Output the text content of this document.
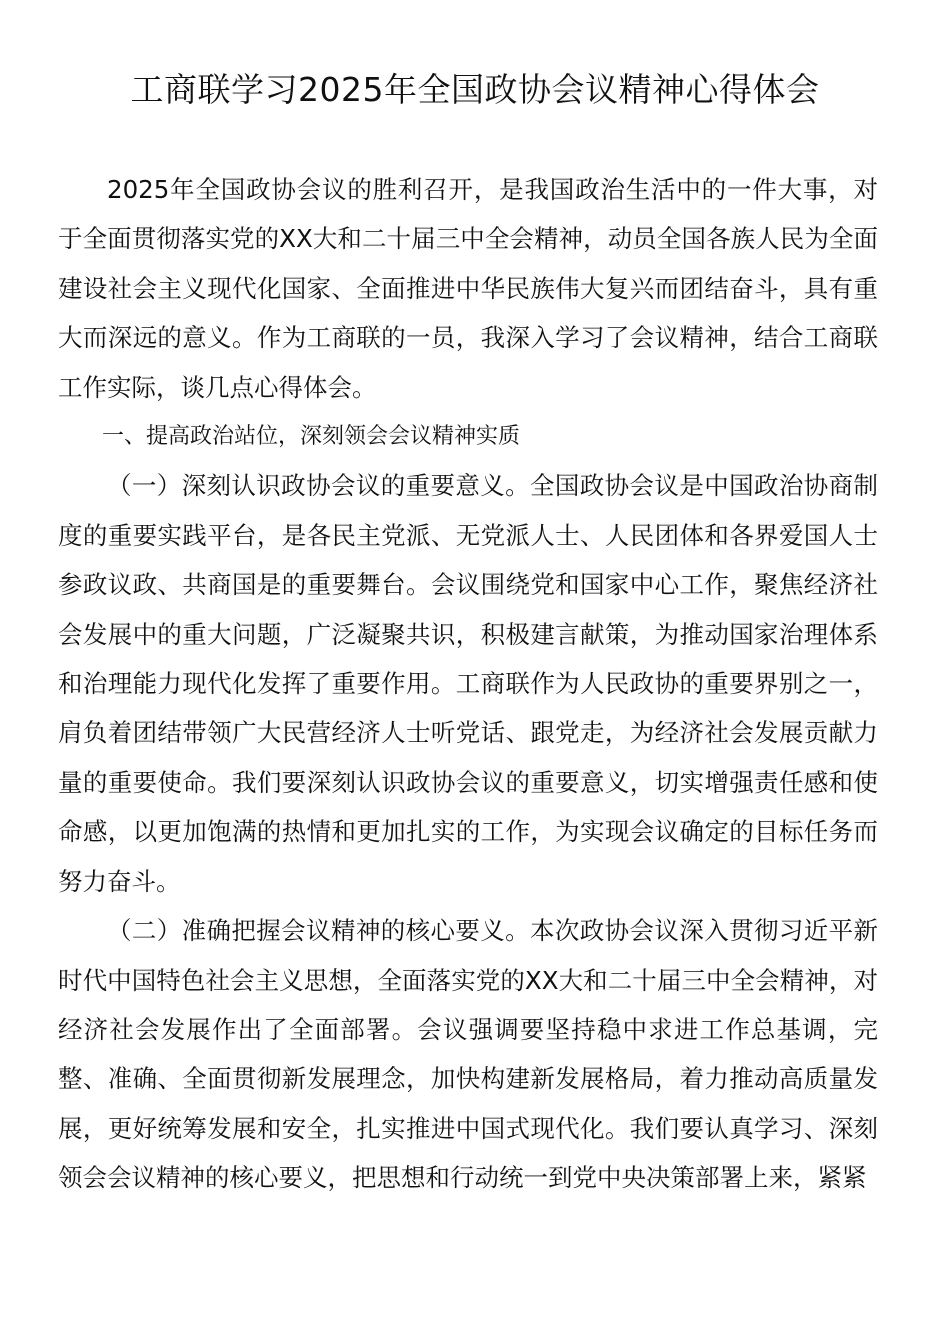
工商联学习2025年全国政协会议精神心得体会

2025年全国政协会议的胜利召开，是我国政治生活中的一件大事，对于全面贯彻落实党的XX大和二十届三中全会精神，动员全国各族人民为全面建设社会主义现代化国家、全面推进中华民族伟大复兴而团结奋斗，具有重大而深远的意义。作为工商联的一员，我深入学习了会议精神，结合工商联工作实际，谈几点心得体会。

一、提高政治站位，深刻领会会议精神实质

（一）深刻认识政协会议的重要意义。全国政协会议是中国政治协商制度的重要实践平台，是各民主党派、无党派人士、人民团体和各界爱国人士参政议政、共商国是的重要舞台。会议围绕党和国家中心工作，聚焦经济社会发展中的重大问题，广泛凝聚共识，积极建言献策，为推动国家治理体系和治理能力现代化发挥了重要作用。工商联作为人民政协的重要界别之一，肩负着团结带领广大民营经济人士听党话、跟党走，为经济社会发展贡献力量的重要使命。我们要深刻认识政协会议的重要意义，切实增强责任感和使命感，以更加饱满的热情和更加扎实的工作，为实现会议确定的目标任务而努力奋斗。

（二）准确把握会议精神的核心要义。本次政协会议深入贯彻习近平新时代中国特色社会主义思想，全面落实党的XX大和二十届三中全会精神，对经济社会发展作出了全面部署。会议强调要坚持稳中求进工作总基调，完整、准确、全面贯彻新发展理念，加快构建新发展格局，着力推动高质量发展，更好统筹发展和安全，扎实推进中国式现代化。我们要认真学习、深刻领会会议精神的核心要义，把思想和行动统一到党中央决策部署上来，紧紧
